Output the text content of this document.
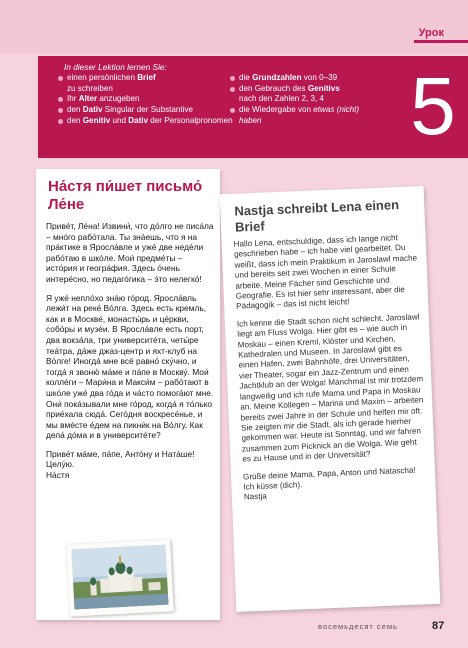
Урок
In dieser Lektion lernen Sie:
einen persönlichen Brief
zu schreiben
Ihr Alter anzugeben
den Dativ Singular der Substantive
den Genitiv und Dativ der Personalpronomen
die Grundzahlen von 0–39
den Gebrauch des Genitivs
nach den Zahlen 2, 3, 4
die Wiedergabe von etwas (nicht) haben	5
На́стя пи́шет письмо́ Ле́не

Приве́т, Ле́на! Извини́, что до́лго не писа́ла – мно́го рабо́тала. Ты зна́ешь, что я на пра́ктике в Яросла́вле и уже́ две неде́ли рабо́таю в шко́ле. Мои́ предме́ты – исто́рия и геогра́фия. Здесь о́чень интере́сно, но педаго́гика – э́то нелегко́!

Я уже́ непло́хо зна́ю го́род. Яросла́вль лежи́т на реке́ Во́лга. Здесь есть кремль, как и в Москве́, монасты́рь и це́ркви, собо́ры и музе́и. В Яросла́вле есть порт, два вокза́ла, три университе́та, четы́ре теа́тра, да́же джаз-центр и яхт-клуб на Во́лге! Иногда́ мне всё равно́ ску́чно, и тогда́ я звоню́ ма́ме и па́пе в Москву́. Мои́ колле́ги – Мари́на и Макси́м – рабо́тают в шко́ле уже́ два го́да и ча́сто помога́ют мне. Они́ пока́зывали мне го́род, когда́ я то́лько прие́хала сюда́. Сего́дня воскресе́нье, и мы вме́сте е́дем на пикни́к на Во́лгу. Как дела́ до́ма и в университе́те?

Приве́т ма́ме, па́пе, Анто́ну и Ната́ше!

Целу́ю.

На́стя

Nastja schreibt Lena einen Brief

Hallo Lena, entschuldige, dass ich lange nicht geschrieben habe – ich habe viel gearbeitet. Du weißt, dass ich mein Praktikum in Jaroslawl mache und bereits seit zwei Wochen in einer Schule arbeite. Meine Fächer sind Geschichte und Geografie. Es ist hier sehr interessant, aber die Pädagogik – das ist nicht leicht!

Ich kenne die Stadt schon nicht schlecht. Jaroslawl liegt am Fluss Wolga. Hier gibt es – wie auch in Moskau – einen Kreml, Klöster und Kirchen, Kathedralen und Museen. In Jaroslawl gibt es einen Hafen, zwei Bahnhöfe, drei Universitäten, vier Theater, sogar ein Jazz-Zentrum und einen Jachtklub an der Wolga! Manchmal ist mir trotzdem langweilig und ich rufe Mama und Papa in Moskau an. Meine Kollegen – Marina und Maxim – arbeiten bereits zwei Jahre in der Schule und helfen mir oft. Sie zeigten mir die Stadt, als ich gerade hierher gekommen war. Heute ist Sonntag, und wir fahren zusammen zum Picknick an die Wolga. Wie geht es zu Hause und in der Universität?

Grüße deine Mama, Papa, Anton und Natascha!

Ich küsse (dich).

Nastja

восемьдесят семь	87
